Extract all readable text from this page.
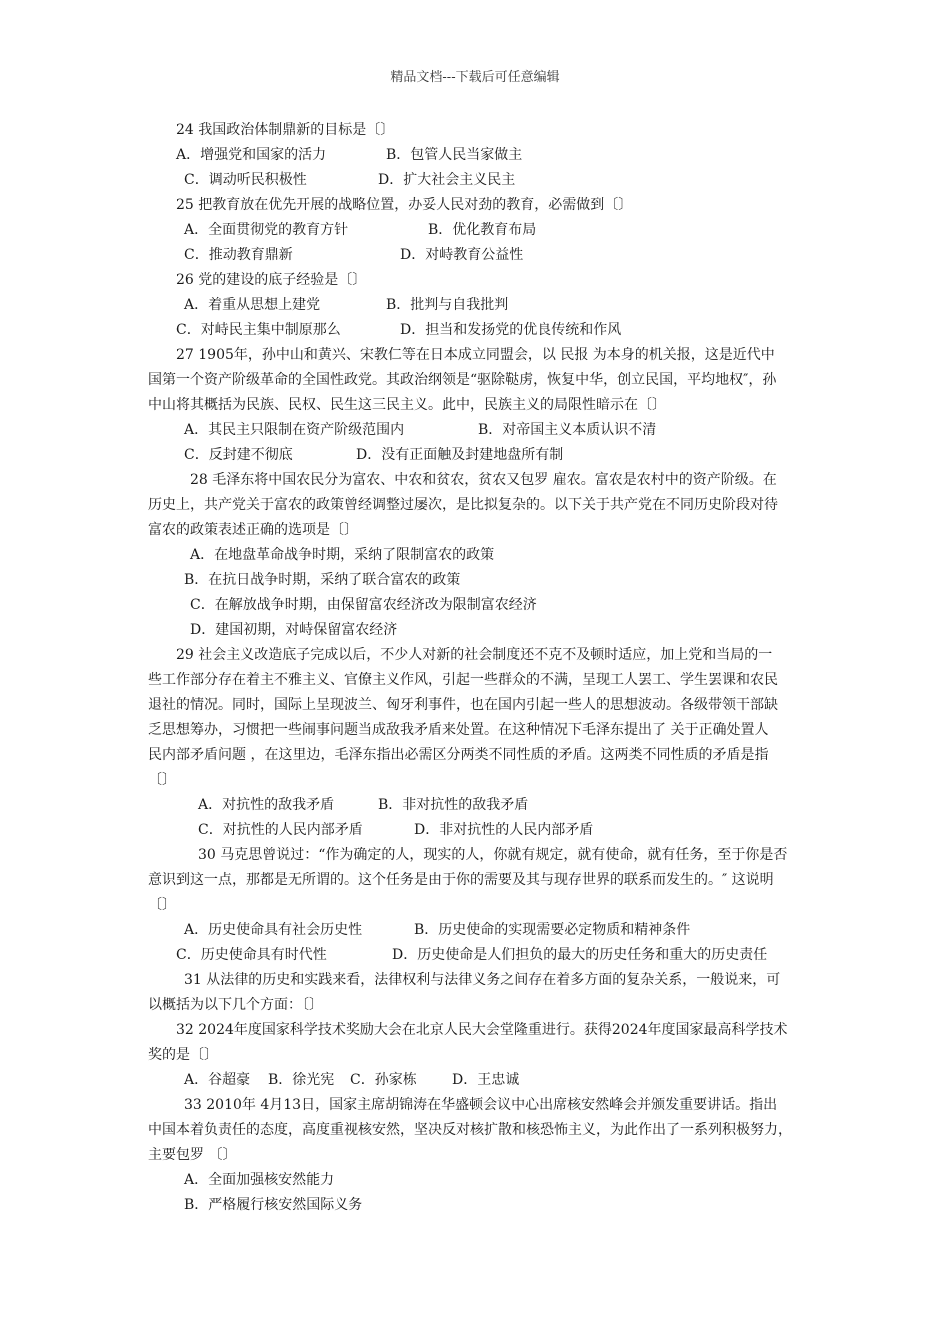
精品文档---下载后可任意编辑
24 我国政治体制鼎新的目标是〔〕
A．增强党和国家的活力	B．包管人民当家做主
C．调动听民积极性	D．扩大社会主义民主
25 把教育放在优先开展的战略位置，办妥人民对劲的教育，必需做到〔〕
A．全面贯彻党的教育方针	B．优化教育布局
C．推动教育鼎新	D．对峙教育公益性
26 党的建设的底子经验是〔〕
A．着重从思想上建党	B．批判与自我批判
C．对峙民主集中制原那么	D．担当和发扬党的优良传统和作风
27 1905年，孙中山和黄兴、宋教仁等在日本成立同盟会，以 民报 为本身的机关报，这是近代中
国第一个资产阶级革命的全国性政党。其政治纲领是“驱除鞑虏，恢复中华，创立民国，平均地权″，孙
中山将其概括为民族、民权、民生这三民主义。此中，民族主义的局限性暗示在〔〕
A．其民主只限制在资产阶级范围内	B．对帝国主义本质认识不清
C．反封建不彻底	D．没有正面触及封建地盘所有制
28 毛泽东将中国农民分为富农、中农和贫农，贫农又包罗 雇农。富农是农村中的资产阶级。在
历史上，共产党关于富农的政策曾经调整过屡次，是比拟复杂的。以下关于共产党在不同历史阶段对待
富农的政策表述正确的选项是〔〕
A．在地盘革命战争时期，采纳了限制富农的政策
B．在抗日战争时期，采纳了联合富农的政策
C．在解放战争时期，由保留富农经济改为限制富农经济
D．建国初期，对峙保留富农经济
29 社会主义改造底子完成以后，不少人对新的社会制度还不克不及顿时适应，加上党和当局的一
些工作部分存在着主不雅主义、官僚主义作风，引起一些群众的不满，呈现工人罢工、学生罢课和农民
退社的情况。同时，国际上呈现波兰、匈牙利事件，也在国内引起一些人的思想波动。各级带领干部缺
乏思想筹办，习惯把一些闹事问题当成敌我矛盾来处置。在这种情况下毛泽东提出了 关于正确处置人
民内部矛盾问题 ，在这里边，毛泽东指出必需区分两类不同性质的矛盾。这两类不同性质的矛盾是指
〔〕
A．对抗性的敌我矛盾	B．非对抗性的敌我矛盾
C．对抗性的人民内部矛盾	D．非对抗性的人民内部矛盾
30 马克思曾说过：“作为确定的人，现实的人，你就有规定，就有使命，就有任务，至于你是否
意识到这一点，那都是无所谓的。这个任务是由于你的需要及其与现存世界的联系而发生的。″ 这说明
〔〕
A．历史使命具有社会历史性	B．历史使命的实现需要必定物质和精神条件
C．历史使命具有时代性	D．历史使命是人们担负的最大的历史任务和重大的历史责任
31 从法律的历史和实践来看，法律权利与法律义务之间存在着多方面的复杂关系，一般说来，可
以概括为以下几个方面：〔〕
32 2024年度国家科学技术奖励大会在北京人民大会堂隆重进行。获得2024年度国家最高科学技术
奖的是〔〕
A．谷超豪 B．徐光宪 C．孙家栋	D．王忠诚
33 2010年 4月13日，国家主席胡锦涛在华盛顿会议中心出席核安然峰会并颁发重要讲话。指出
中国本着负责任的态度，高度重视核安然，坚决反对核扩散和核恐怖主义，为此作出了一系列积极努力，
主要包罗 〔〕
A．全面加强核安然能力
B．严格履行核安然国际义务
